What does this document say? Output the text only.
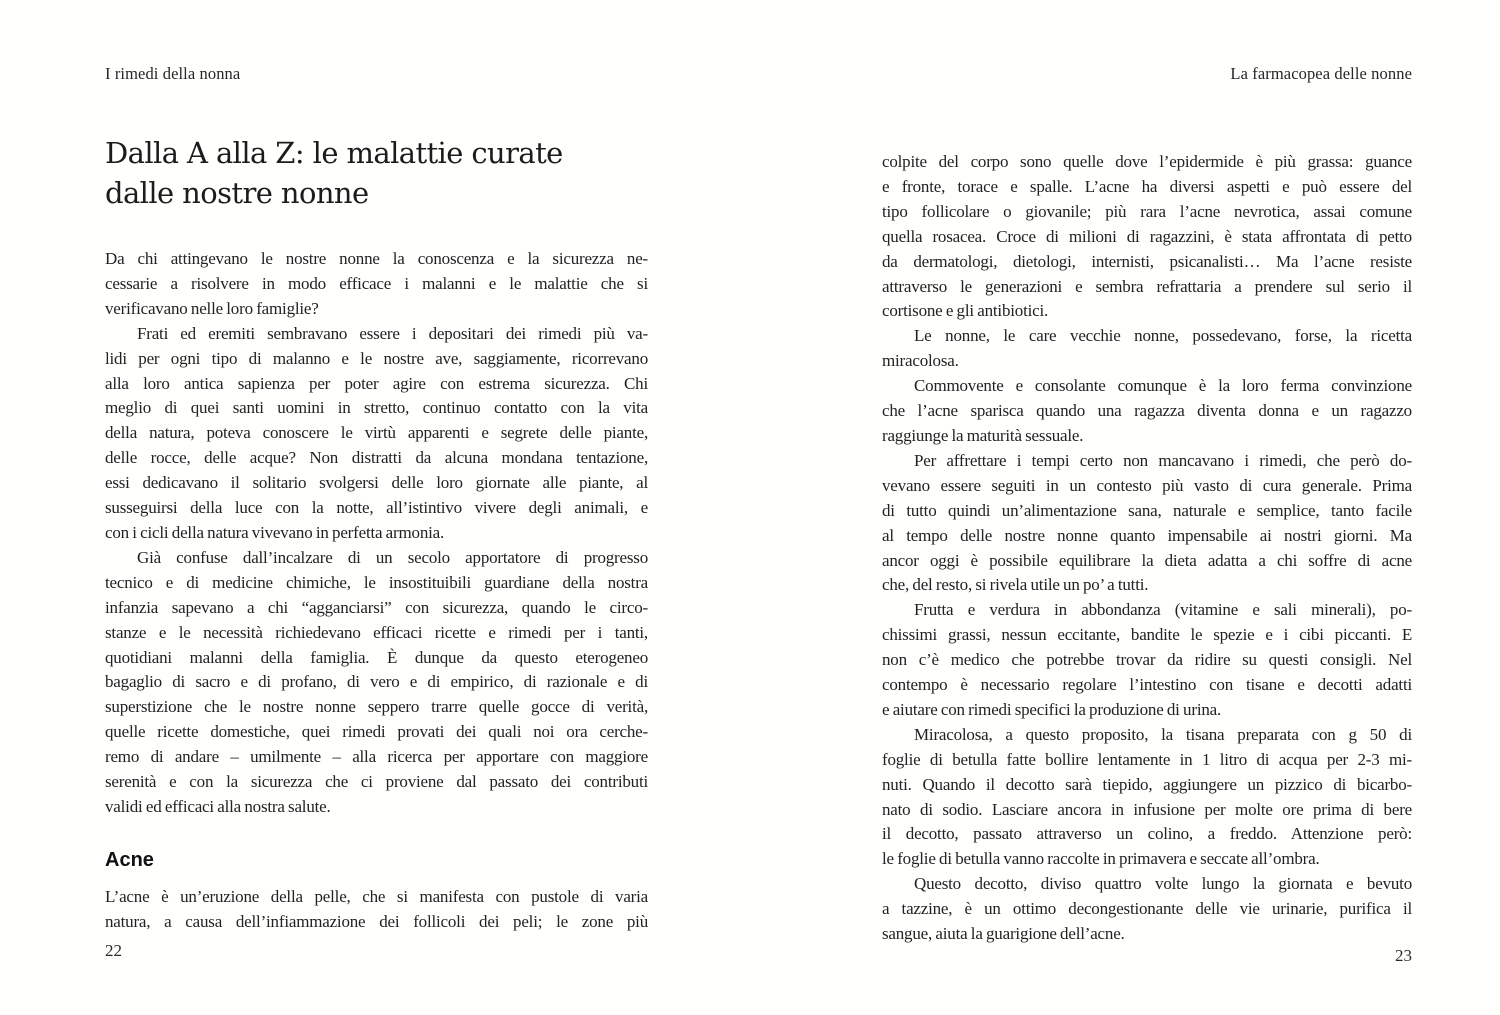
I rimedi della nonna
Dalla A alla Z: le malattie curate
dalle nostre nonne
Da chi attingevano le nostre nonne la conoscenza e la sicurezza ne-
cessarie a risolvere in modo efficace i malanni e le malattie che si
verificavano nelle loro famiglie?
Frati ed eremiti sembravano essere i depositari dei rimedi più va-
lidi per ogni tipo di malanno e le nostre ave, saggiamente, ricorrevano
alla loro antica sapienza per poter agire con estrema sicurezza. Chi
meglio di quei santi uomini in stretto, continuo contatto con la vita
della natura, poteva conoscere le virtù apparenti e segrete delle piante,
delle rocce, delle acque? Non distratti da alcuna mondana tentazione,
essi dedicavano il solitario svolgersi delle loro giornate alle piante, al
susseguirsi della luce con la notte, all’istintivo vivere degli animali, e
con i cicli della natura vivevano in perfetta armonia.
Già confuse dall’incalzare di un secolo apportatore di progresso
tecnico e di medicine chimiche, le insostituibili guardiane della nostra
infanzia sapevano a chi “agganciarsi” con sicurezza, quando le circo-
stanze e le necessità richiedevano efficaci ricette e rimedi per i tanti,
quotidiani malanni della famiglia. È dunque da questo eterogeneo
bagaglio di sacro e di profano, di vero e di empirico, di razionale e di
superstizione che le nostre nonne seppero trarre quelle gocce di verità,
quelle ricette domestiche, quei rimedi provati dei quali noi ora cerche-
remo di andare – umilmente – alla ricerca per apportare con maggiore
serenità e con la sicurezza che ci proviene dal passato dei contributi
validi ed efficaci alla nostra salute.
Acne
L’acne è un’eruzione della pelle, che si manifesta con pustole di varia
natura, a causa dell’infiammazione dei follicoli dei peli; le zone più
22
La farmacopea delle nonne
colpite del corpo sono quelle dove l’epidermide è più grassa: guance
e fronte, torace e spalle. L’acne ha diversi aspetti e può essere del
tipo follicolare o giovanile; più rara l’acne nevrotica, assai comune
quella rosacea. Croce di milioni di ragazzini, è stata affrontata di petto
da dermatologi, dietologi, internisti, psicanalisti… Ma l’acne resiste
attraverso le generazioni e sembra refrattaria a prendere sul serio il
cortisone e gli antibiotici.
Le nonne, le care vecchie nonne, possedevano, forse, la ricetta
miracolosa.
Commovente e consolante comunque è la loro ferma convinzione
che l’acne sparisca quando una ragazza diventa donna e un ragazzo
raggiunge la maturità sessuale.
Per affrettare i tempi certo non mancavano i rimedi, che però do-
vevano essere seguiti in un contesto più vasto di cura generale. Prima
di tutto quindi un’alimentazione sana, naturale e semplice, tanto facile
al tempo delle nostre nonne quanto impensabile ai nostri giorni. Ma
ancor oggi è possibile equilibrare la dieta adatta a chi soffre di acne
che, del resto, si rivela utile un po’ a tutti.
Frutta e verdura in abbondanza (vitamine e sali minerali), po-
chissimi grassi, nessun eccitante, bandite le spezie e i cibi piccanti. E
non c’è medico che potrebbe trovar da ridire su questi consigli. Nel
contempo è necessario regolare l’intestino con tisane e decotti adatti
e aiutare con rimedi specifici la produzione di urina.
Miracolosa, a questo proposito, la tisana preparata con g 50 di
foglie di betulla fatte bollire lentamente in 1 litro di acqua per 2-3 mi-
nuti. Quando il decotto sarà tiepido, aggiungere un pizzico di bicarbo-
nato di sodio. Lasciare ancora in infusione per molte ore prima di bere
il decotto, passato attraverso un colino, a freddo. Attenzione però:
le foglie di betulla vanno raccolte in primavera e seccate all’ombra.
Questo decotto, diviso quattro volte lungo la giornata e bevuto
a tazzine, è un ottimo decongestionante delle vie urinarie, purifica il
sangue, aiuta la guarigione dell’acne.
23
